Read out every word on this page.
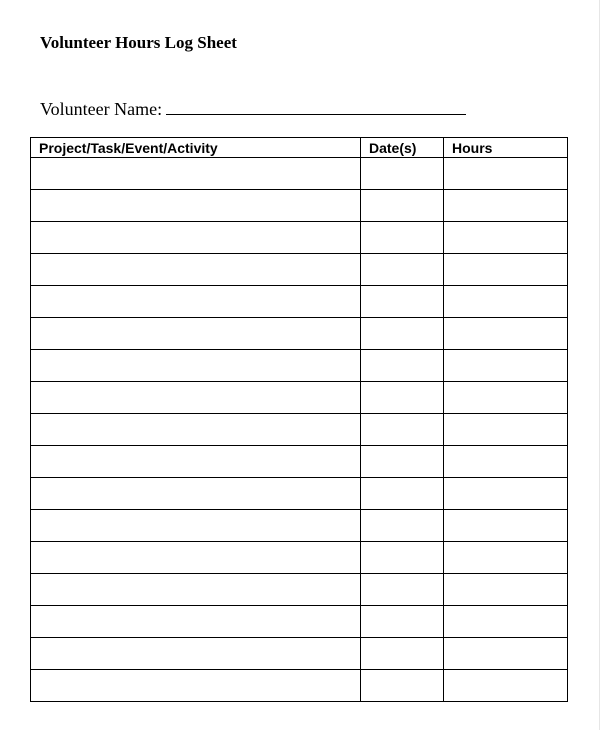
Volunteer Hours Log Sheet
Volunteer Name:
Project/Task/Event/Activity	Date(s)	Hours
